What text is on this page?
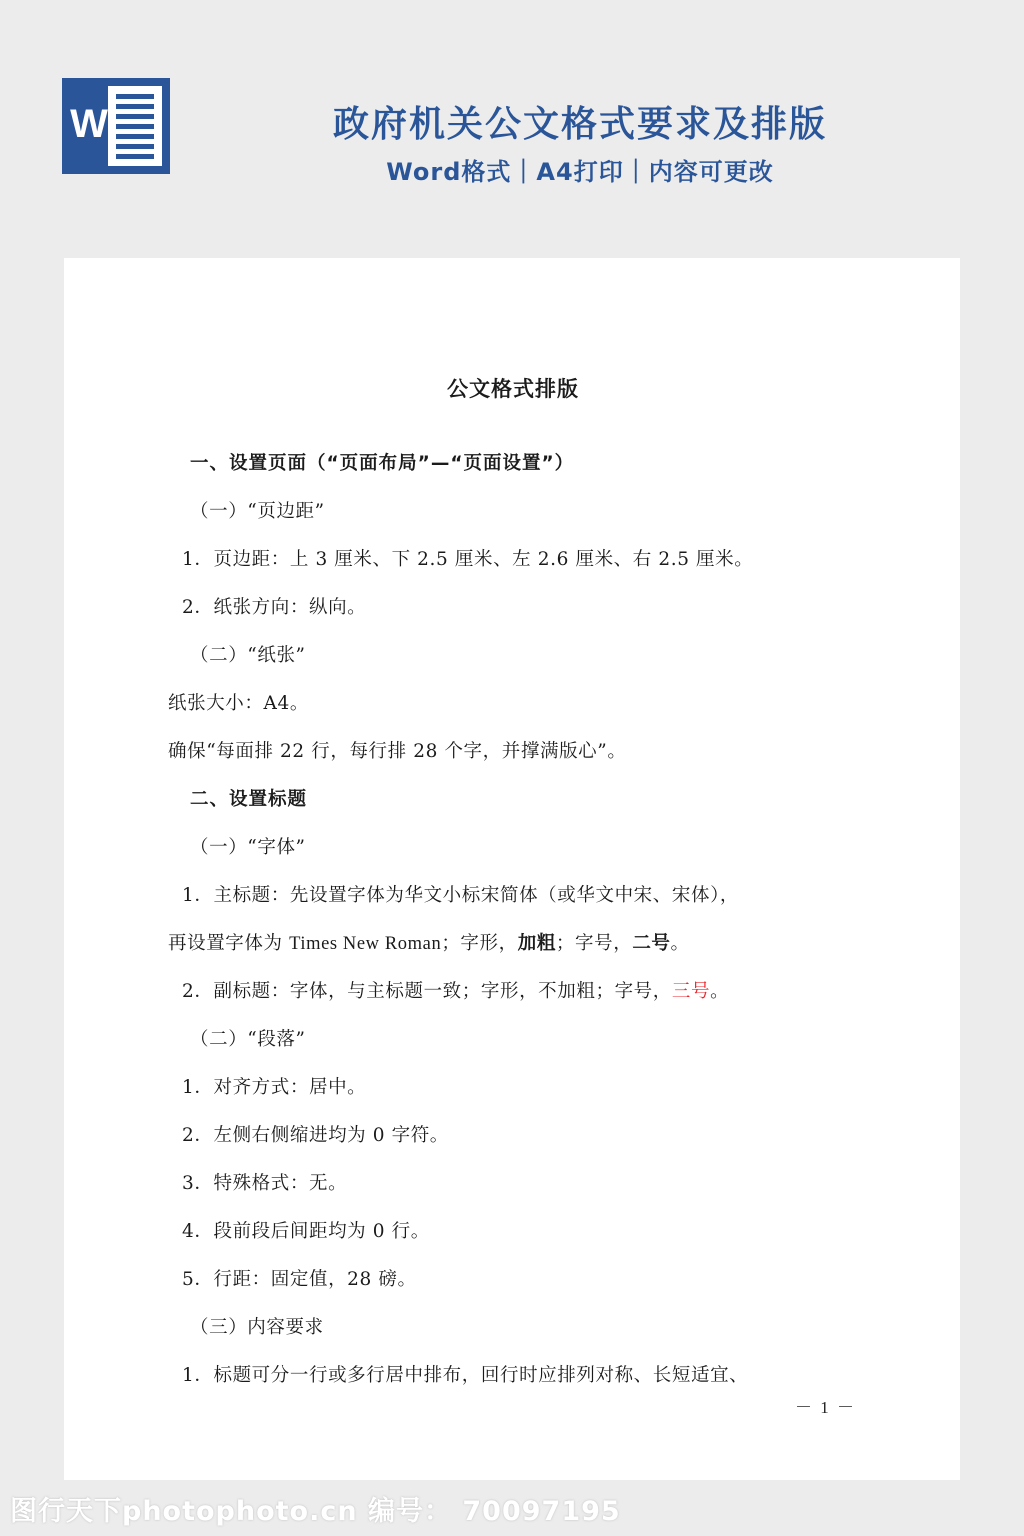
W	政府机关公文格式要求及排版
Word格式｜A4打印｜内容可更改
公文格式排版

一、设置页面（“页面布局”—“页面设置”）

（一）“页边距”

1．页边距：上 3 厘米、下 2.5 厘米、左 2.6 厘米、右 2.5 厘米。

2．纸张方向：纵向。

（二）“纸张”

纸张大小：A4。

确保“每面排 22 行，每行排 28 个字，并撑满版心”。

二、设置标题

（一）“字体”

1．主标题：先设置字体为华文小标宋简体（或华文中宋、宋体），

再设置字体为 Times New Roman；字形，加粗；字号，二号。

2．副标题：字体，与主标题一致；字形，不加粗；字号，三号。

（二）“段落”

1．对齐方式：居中。

2．左侧右侧缩进均为 0 字符。

3．特殊格式：无。

4．段前段后间距均为 0 行。

5．行距：固定值，28 磅。

（三）内容要求

1．标题可分一行或多行居中排布，回行时应排列对称、长短适宜、

－ 1 －
图行天下photophoto.cn 编号： 70097195
